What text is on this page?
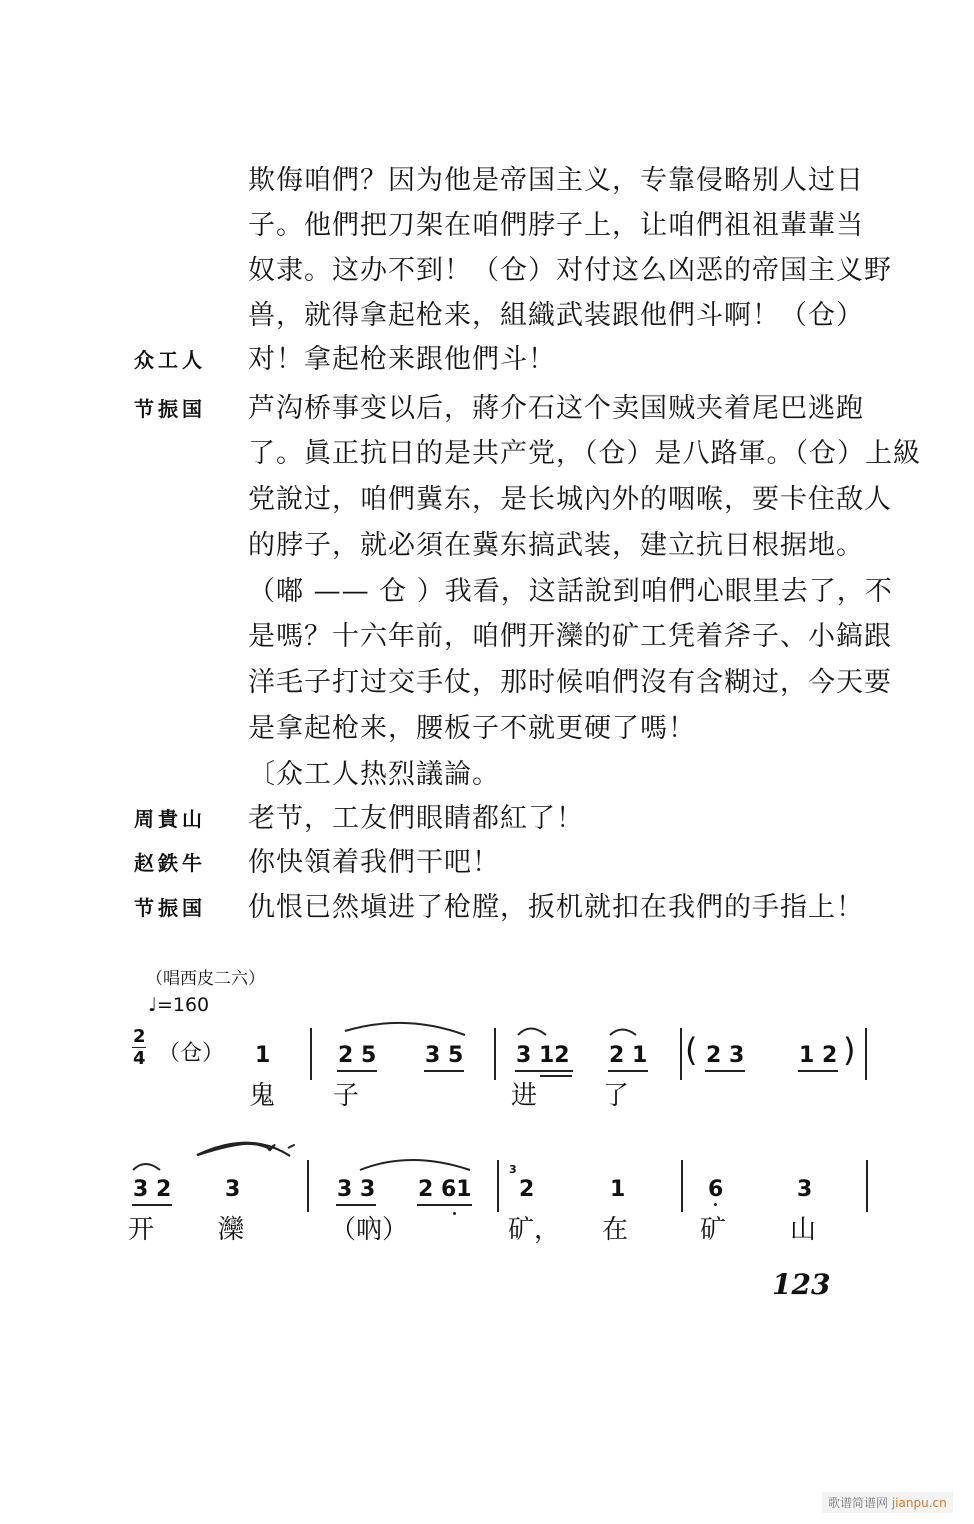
欺侮咱們？因为他是帝国主义，专靠侵略别人过日
子。他們把刀架在咱們脖子上，让咱們祖祖輩輩当
奴隶。这办不到！（仓）对付这么凶恶的帝国主义野
兽，就得拿起枪来，組織武装跟他們斗啊！（仓）
众工人 对！拿起枪来跟他們斗！
节振国 芦沟桥事变以后，蔣介石这个卖国贼夹着尾巴逃跑
了。眞正抗日的是共产党，（仓）是八路軍。（仓）上級
党說过，咱們冀东，是长城內外的咽喉，要卡住敌人
的脖子，就必須在冀东搞武装，建立抗日根据地。
（嘟 —— 仓 ）我看，这話說到咱們心眼里去了，不
是嗎？十六年前，咱們开灤的矿工凭着斧子、小鎬跟
洋毛子打过交手仗，那时候咱們沒有含糊过，今天要
是拿起枪来，腰板子不就更硬了嗎！
〔众工人热烈議論。
周貴山 老节，工友們眼睛都紅了！
赵鉄牛 你快領着我們干吧！
节振国 仇恨已然塡进了枪膛，扳机就扣在我們的手指上！
（唱西皮二六）
♩=160
2
4 （仓） 1	2 5 3 5 3 12 2 1 ( 2 3 1 2 )
鬼 子	进	了
3 2 3	3 3 2 61
3
2	1	6	3
开 灤	（吶）	矿， 在	矿 山
123
歌谱简谱网 jianpu.cn
